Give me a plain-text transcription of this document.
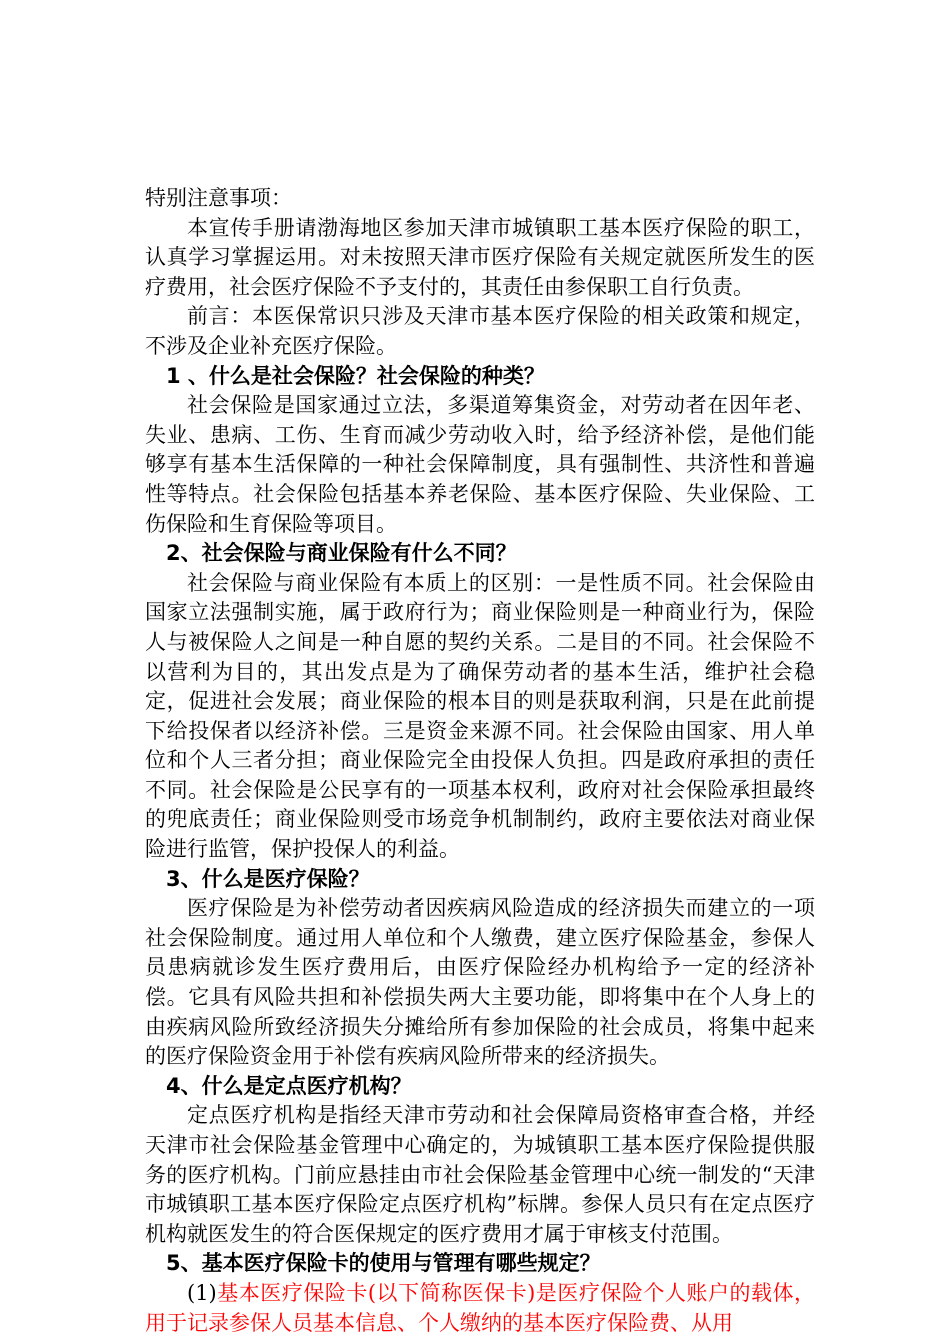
特别注意事项：

本宣传手册请渤海地区参加天津市城镇职工基本医疗保险的职工，认真学习掌握运用。对未按照天津市医疗保险有关规定就医所发生的医疗费用，社会医疗保险不予支付的，其责任由参保职工自行负责。

前言：本医保常识只涉及天津市基本医疗保险的相关政策和规定，不涉及企业补充医疗保险。

1 、什么是社会保险？社会保险的种类？

社会保险是国家通过立法，多渠道筹集资金，对劳动者在因年老、失业、患病、工伤、生育而减少劳动收入时，给予经济补偿，是他们能够享有基本生活保障的一种社会保障制度，具有强制性、共济性和普遍性等特点。社会保险包括基本养老保险、基本医疗保险、失业保险、工伤保险和生育保险等项目。

2、社会保险与商业保险有什么不同？

社会保险与商业保险有本质上的区别：一是性质不同。社会保险由国家立法强制实施，属于政府行为；商业保险则是一种商业行为，保险人与被保险人之间是一种自愿的契约关系。二是目的不同。社会保险不以营利为目的，其出发点是为了确保劳动者的基本生活，维护社会稳定，促进社会发展；商业保险的根本目的则是获取利润，只是在此前提下给投保者以经济补偿。三是资金来源不同。社会保险由国家、用人单位和个人三者分担；商业保险完全由投保人负担。四是政府承担的责任不同。社会保险是公民享有的一项基本权利，政府对社会保险承担最终的兜底责任；商业保险则受市场竞争机制制约，政府主要依法对商业保险进行监管，保护投保人的利益。

3、什么是医疗保险？

医疗保险是为补偿劳动者因疾病风险造成的经济损失而建立的一项社会保险制度。通过用人单位和个人缴费，建立医疗保险基金，参保人员患病就诊发生医疗费用后，由医疗保险经办机构给予一定的经济补偿。它具有风险共担和补偿损失两大主要功能，即将集中在个人身上的由疾病风险所致经济损失分摊给所有参加保险的社会成员，将集中起来的医疗保险资金用于补偿有疾病风险所带来的经济损失。

4、什么是定点医疗机构？

定点医疗机构是指经天津市劳动和社会保障局资格审查合格，并经天津市社会保险基金管理中心确定的，为城镇职工基本医疗保险提供服务的医疗机构。门前应悬挂由市社会保险基金管理中心统一制发的“天津市城镇职工基本医疗保险定点医疗机构”标牌。参保人员只有在定点医疗机构就医发生的符合医保规定的医疗费用才属于审核支付范围。

5、基本医疗保险卡的使用与管理有哪些规定？

(1)基本医疗保险卡(以下简称医保卡)是医疗保险个人账户的载体，用于记录参保人员基本信息、个人缴纳的基本医疗保险费、从用
